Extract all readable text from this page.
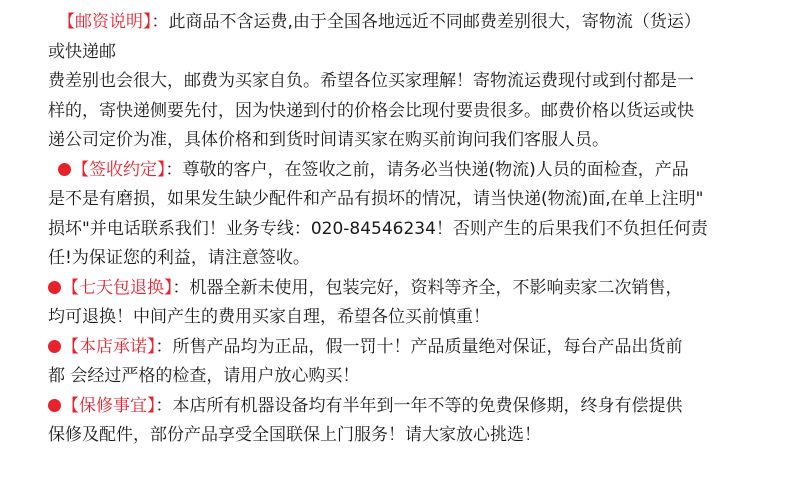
【邮资说明】：此商品不含运费,由于全国各地远近不同邮费差别很大，寄物流（货运）
或快递邮
费差别也会很大，邮费为买家自负。希望各位买家理解！寄物流运费现付或到付都是一
样的，寄快递侧要先付，因为快递到付的价格会比现付要贵很多。邮费价格以货运或快
递公司定价为准，具体价格和到货时间请买家在购买前询问我们客服人员。
【签收约定】：尊敬的客户，在签收之前，请务必当快递(物流)人员的面检查，产品
是不是有磨损，如果发生缺少配件和产品有损坏的情况，请当快递(物流)面,在单上注明"
损坏"并电话联系我们！业务专线：020-84546234！否则产生的后果我们不负担任何责
任!为保证您的利益，请注意签收。
【七天包退换】：机器全新未使用，包装完好，资料等齐全，不影响卖家二次销售，
均可退换！中间产生的费用买家自理，希望各位买前慎重！
【本店承诺】：所售产品均为正品，假一罚十！产品质量绝对保证，每台产品出货前
都 会经过严格的检查，请用户放心购买！
【保修事宜】：本店所有机器设备均有半年到一年不等的免费保修期，终身有偿提供
保修及配件，部份产品享受全国联保上门服务！请大家放心挑选！
